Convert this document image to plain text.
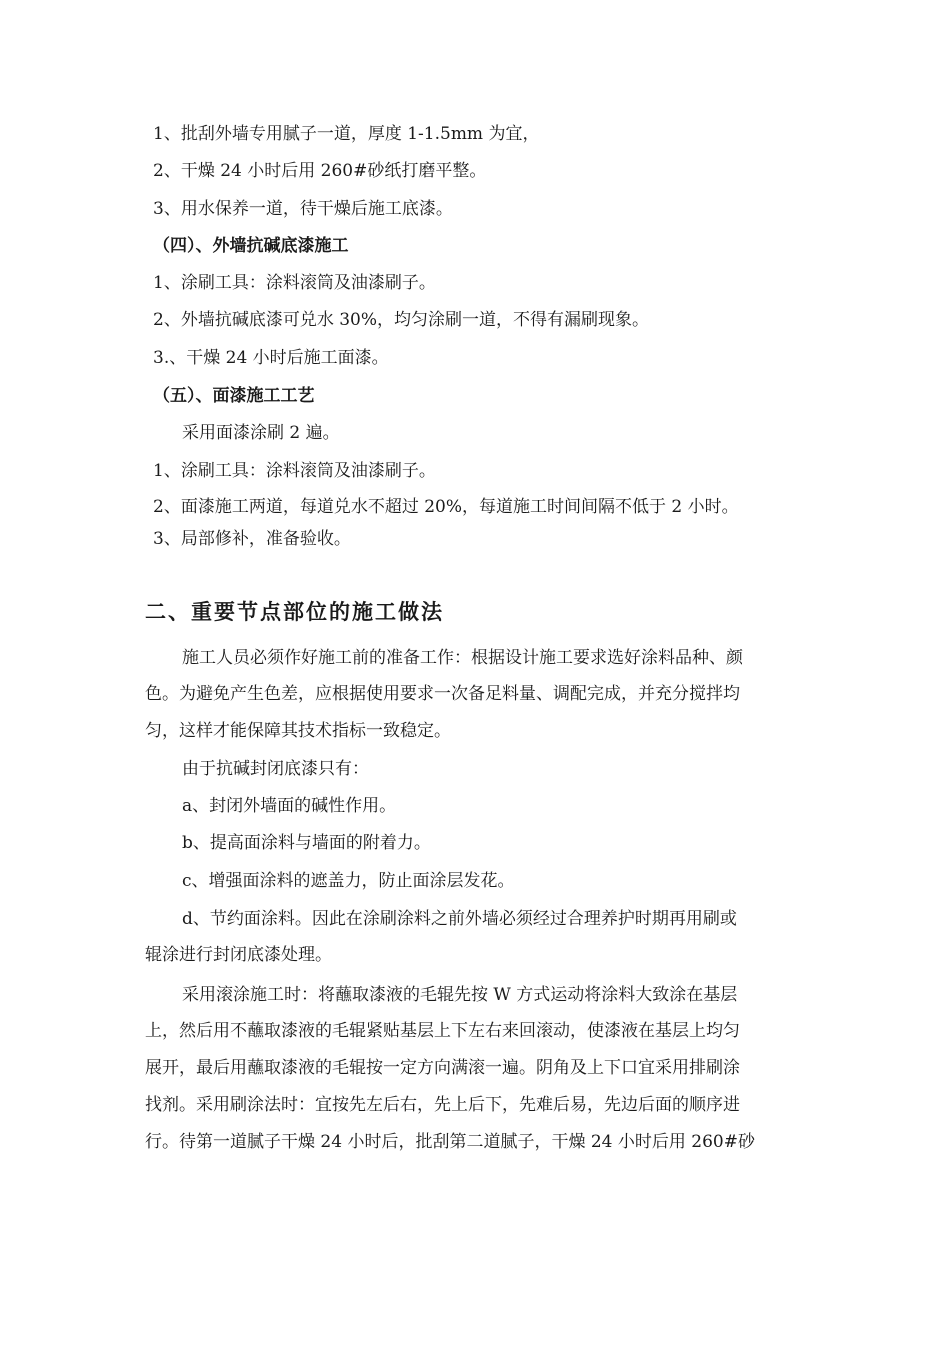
1、批刮外墙专用腻子一道，厚度 1-1.5mm 为宜，
2、干燥 24 小时后用 260#砂纸打磨平整。
3、用水保养一道，待干燥后施工底漆。
（四）、外墙抗碱底漆施工
1、涂刷工具：涂料滚筒及油漆刷子。
2、外墙抗碱底漆可兑水 30%，均匀涂刷一道，不得有漏刷现象。
3.、干燥 24 小时后施工面漆。
（五）、面漆施工工艺
采用面漆涂刷 2 遍。
1、涂刷工具：涂料滚筒及油漆刷子。
2、面漆施工两道，每道兑水不超过 20%，每道施工时间间隔不低于 2 小时。
3、局部修补，准备验收。
二、重要节点部位的施工做法
施工人员必须作好施工前的准备工作：根据设计施工要求选好涂料品种、颜
色。为避免产生色差，应根据使用要求一次备足料量、调配完成，并充分搅拌均
匀，这样才能保障其技术指标一致稳定。
由于抗碱封闭底漆只有：
a、封闭外墙面的碱性作用。
b、提高面涂料与墙面的附着力。
c、增强面涂料的遮盖力，防止面涂层发花。
d、节约面涂料。因此在涂刷涂料之前外墙必须经过合理养护时期再用刷或
辊涂进行封闭底漆处理。
采用滚涂施工时：将蘸取漆液的毛辊先按 W 方式运动将涂料大致涂在基层
上，然后用不蘸取漆液的毛辊紧贴基层上下左右来回滚动，使漆液在基层上均匀
展开，最后用蘸取漆液的毛辊按一定方向满滚一遍。阴角及上下口宜采用排刷涂
找剂。采用刷涂法时：宜按先左后右，先上后下，先难后易，先边后面的顺序进
行。待第一道腻子干燥 24 小时后，批刮第二道腻子，干燥 24 小时后用 260#砂
